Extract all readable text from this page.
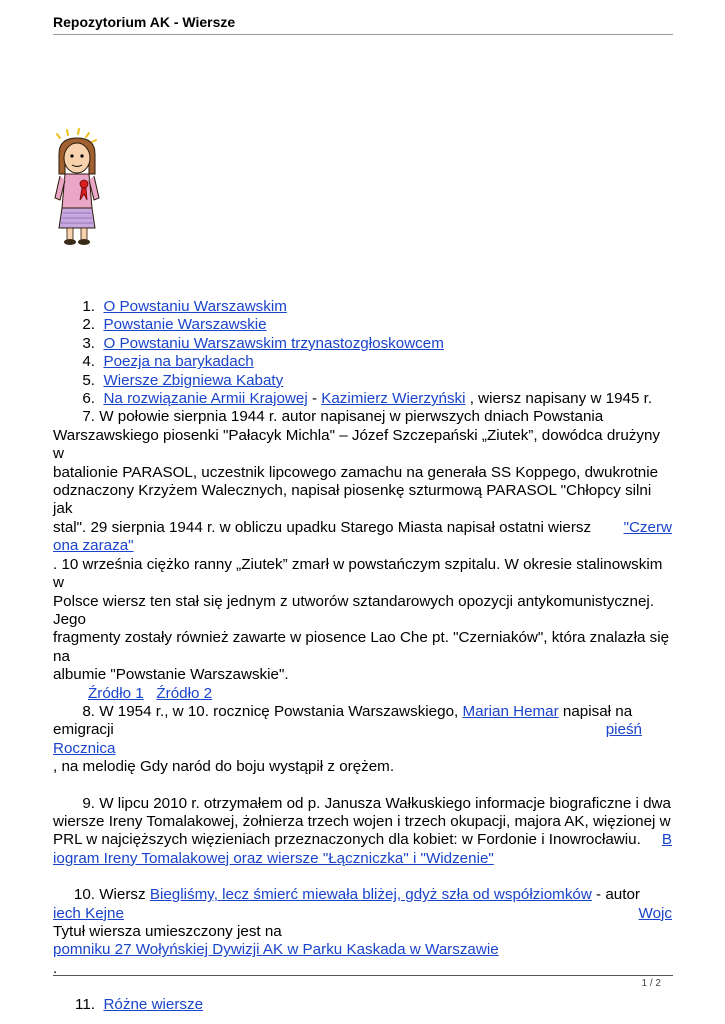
Repozytorium AK - Wiersze
1. O Powstaniu Warszawskim
2. Powstanie Warszawskie
3. O Powstaniu Warszawskim trzynastozgłoskowcem
4. Poezja na barykadach
5. Wiersze Zbigniewa Kabaty
6. Na rozwiązanie Armii Krajowej - Kazimierz Wierzyński , wiersz napisany w 1945 r.
7. W połowie sierpnia 1944 r. autor napisanej w pierwszych dniach Powstania
Warszawskiego piosenki "Pałacyk Michla" – Józef Szczepański „Ziutek”, dowódca drużyny w
batalionie PARASOL, uczestnik lipcowego zamachu na generała SS Koppego, dwukrotnie
odznaczony Krzyżem Walecznych, napisał piosenkę szturmową PARASOL "Chłopcy silni jak
stal". 29 sierpnia 1944 r. w obliczu upadku Starego Miasta napisał ostatni wiersz "Czerw
ona zaraza"
. 10 września ciężko ranny „Ziutek” zmarł w powstańczym szpitalu. W okresie stalinowskim w
Polsce wiersz ten stał się jednym z utworów sztandarowych opozycji antykomunistycznej. Jego
fragmenty zostały również zawarte w piosence Lao Che pt. "Czerniaków", która znalazła się na
albumie "Powstanie Warszawskie".
Źródło 1 Źródło 2
8. W 1954 r., w 10. rocznicę Powstania Warszawskiego, Marian Hemar napisał na
emigracji	pieśń
Rocznica
, na melodię Gdy naród do boju wystąpił z orężem.
9. W lipcu 2010 r. otrzymałem od p. Janusza Wałkuskiego informacje biograficzne i dwa
wiersze Ireny Tomalakowej, żołnierza trzech wojen i trzech okupacji, majora AK, więzionej w
PRL w najcięższych więzieniach przeznaczonych dla kobiet: w Fordonie i Inowrocławiu. B
iogram Ireny Tomalakowej oraz wiersze "Łączniczka" i "Widzenie"
10. Wiersz Biegliśmy, lecz śmierć miewała bliżej, gdyż szła od współziomków - autor
Wojc
iech Kejne
Tytuł wiersza umieszczony jest na
pomniku 27 Wołyńskiej Dywizji AK w Parku Kaskada w Warszawie
.
11. Różne wiersze
1 / 2
